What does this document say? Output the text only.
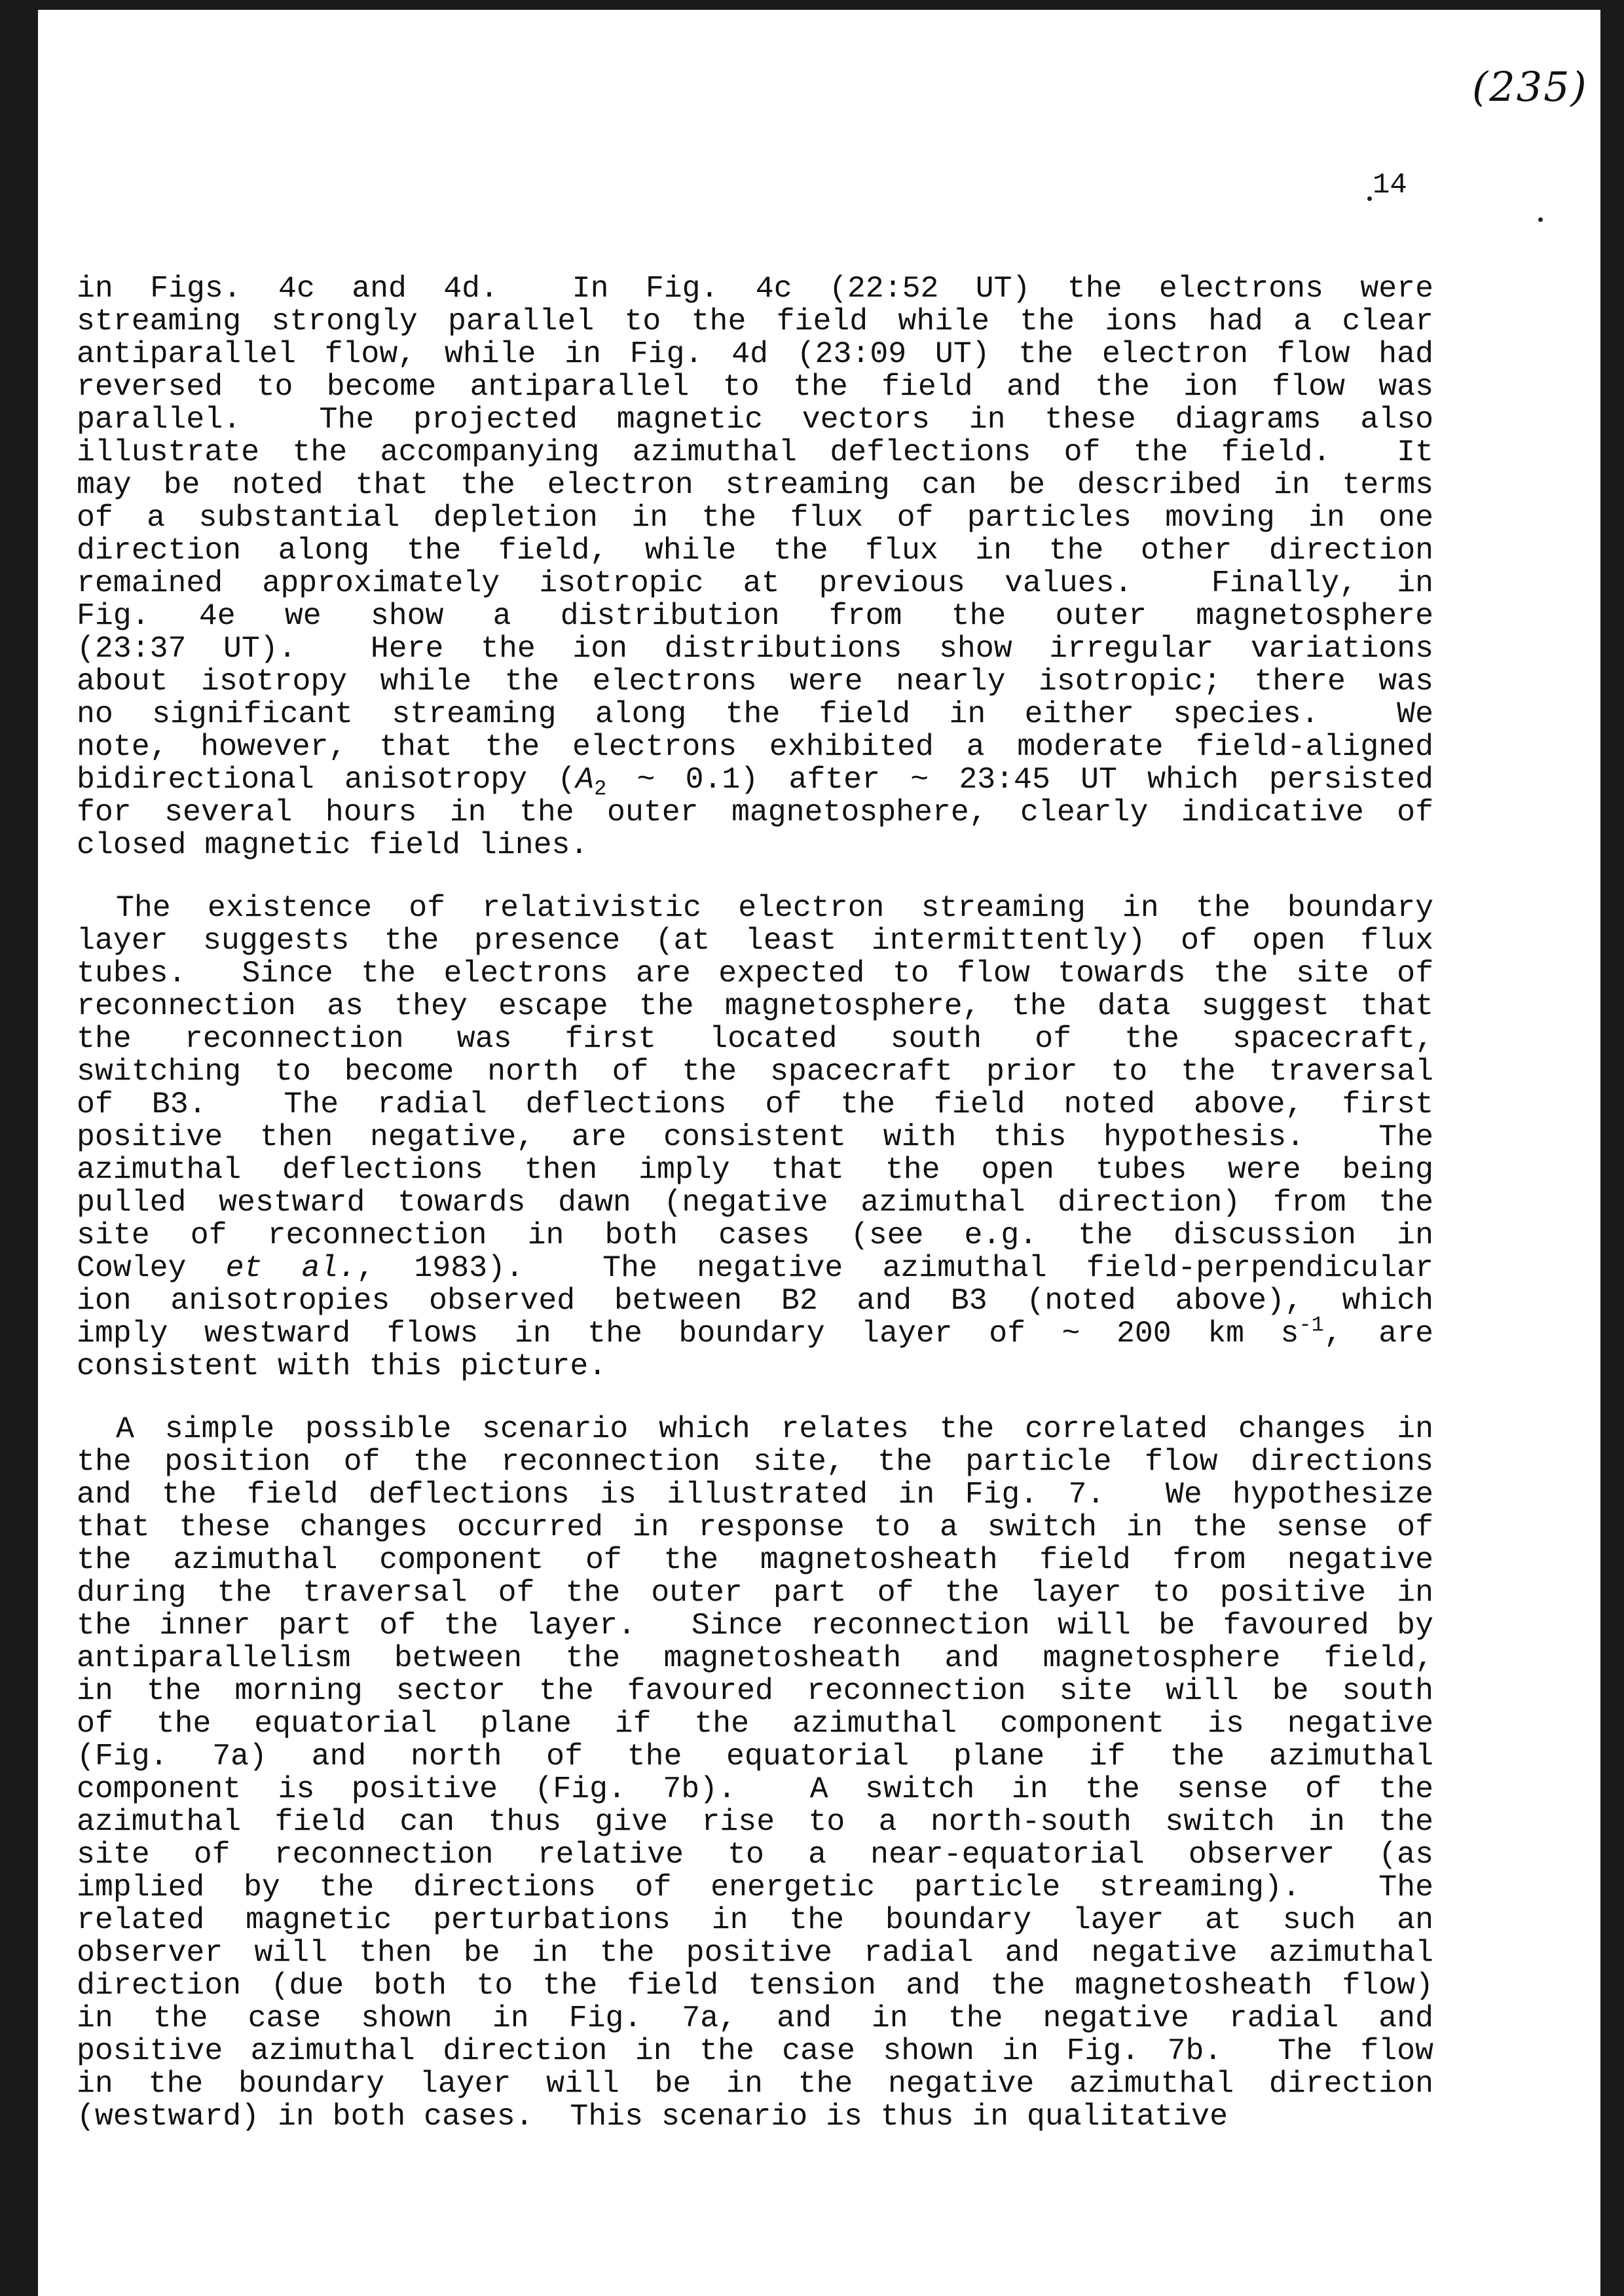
(235)
14
in Figs. 4c and 4d.  In Fig. 4c (22:52 UT) the electrons were
streaming strongly parallel to the field while the ions had a clear
antiparallel flow, while in Fig. 4d (23:09 UT) the electron flow had
reversed to become antiparallel to the field and the ion flow was
parallel.  The projected magnetic vectors in these diagrams also
illustrate the accompanying azimuthal deflections of the field.  It
may be noted that the electron streaming can be described in terms
of a substantial depletion in the flux of particles moving in one
direction along the field, while the flux in the other direction
remained approximately isotropic at previous values.  Finally, in
Fig. 4e we show a distribution from the outer magnetosphere
(23:37 UT).  Here the ion distributions show irregular variations
about isotropy while the electrons were nearly isotropic; there was
no significant streaming along the field in either species.  We
note, however, that the electrons exhibited a moderate field-aligned
bidirectional anisotropy ($A_2$ ~ 0.1) after ~ 23:45 UT which persisted
for several hours in the outer magnetosphere, clearly indicative of
closed magnetic field lines.
The existence of relativistic electron streaming in the boundary
layer suggests the presence (at least intermittently) of open flux
tubes.  Since the electrons are expected to flow towards the site of
reconnection as they escape the magnetosphere, the data suggest that
the reconnection was first located south of the spacecraft,
switching to become north of the spacecraft prior to the traversal
of B3.  The radial deflections of the field noted above, first
positive then negative, are consistent with this hypothesis.  The
azimuthal deflections then imply that the open tubes were being
pulled westward towards dawn (negative azimuthal direction) from the
site of reconnection in both cases (see e.g. the discussion in
Cowley et al., 1983).  The negative azimuthal field-perpendicular
ion anisotropies observed between B2 and B3 (noted above), which
imply westward flows in the boundary layer of ~ 200 km $s^{-1}$, are
consistent with this picture.
A simple possible scenario which relates the correlated changes in
the position of the reconnection site, the particle flow directions
and the field deflections is illustrated in Fig. 7.  We hypothesize
that these changes occurred in response to a switch in the sense of
the azimuthal component of the magnetosheath field from negative
during the traversal of the outer part of the layer to positive in
the inner part of the layer.  Since reconnection will be favoured by
antiparallelism between the magnetosheath and magnetosphere field,
in the morning sector the favoured reconnection site will be south
of the equatorial plane if the azimuthal component is negative
(Fig. 7a) and north of the equatorial plane if the azimuthal
component is positive (Fig. 7b).  A switch in the sense of the
azimuthal field can thus give rise to a north-south switch in the
site of reconnection relative to a near-equatorial observer (as
implied by the directions of energetic particle streaming).  The
related magnetic perturbations in the boundary layer at such an
observer will then be in the positive radial and negative azimuthal
direction (due both to the field tension and the magnetosheath flow)
in the case shown in Fig. 7a, and in the negative radial and
positive azimuthal direction in the case shown in Fig. 7b.  The flow
in the boundary layer will be in the negative azimuthal direction
(westward) in both cases.  This scenario is thus in qualitative
